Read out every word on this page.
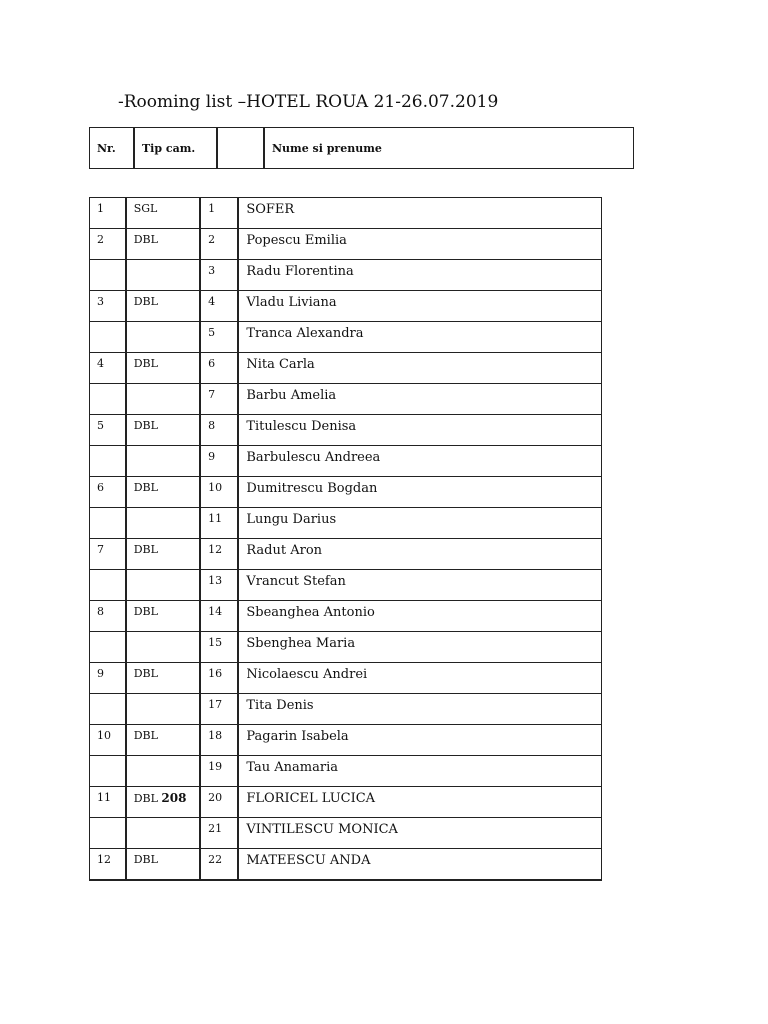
-Rooming list –HOTEL ROUA 21-26.07.2019
Nr.	Tip cam.		Nume si prenume
1	SGL	1	SOFER
2	DBL	2	Popescu Emilia
		3	Radu Florentina
3	DBL	4	Vladu Liviana
		5	Tranca Alexandra
4	DBL	6	Nita Carla
		7	Barbu Amelia
5	DBL	8	Titulescu Denisa
		9	Barbulescu Andreea
6	DBL	10	Dumitrescu Bogdan
		11	Lungu Darius
7	DBL	12	Radut Aron
		13	Vrancut Stefan
8	DBL	14	Sbeanghea Antonio
		15	Sbenghea Maria
9	DBL	16	Nicolaescu Andrei
		17	Tita Denis
10	DBL	18	Pagarin Isabela
		19	Tau Anamaria
11	DBL 208	20	FLORICEL LUCICA
		21	VINTILESCU MONICA
12	DBL	22	MATEESCU ANDA
